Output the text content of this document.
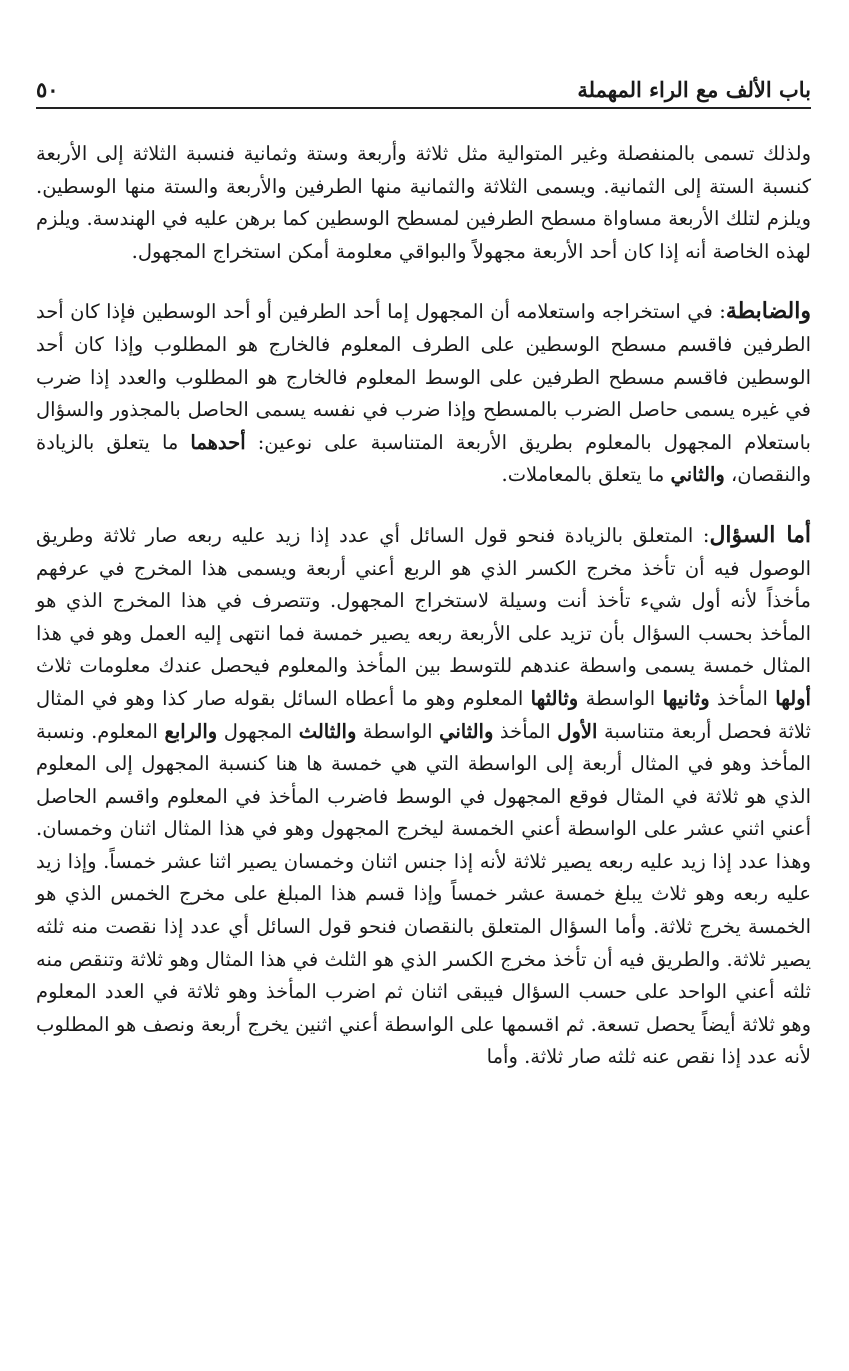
باب الألف مع الراء المهملة
٥٠

ولذلك تسمى بالمنفصلة وغير المتوالية مثل ثلاثة وأربعة وستة وثمانية فنسبة الثلاثة إلى الأربعة كنسبة الستة إلى الثمانية. ويسمى الثلاثة والثمانية منها الطرفين والأربعة والستة منها الوسطين. ويلزم لتلك الأربعة مساواة مسطح الطرفين لمسطح الوسطين كما برهن عليه في الهندسة. ويلزم لهذه الخاصة أنه إذا كان أحد الأربعة مجهولاً والبواقي معلومة أمكن استخراج المجهول.

والضابطة: في استخراجه واستعلامه أن المجهول إما أحد الطرفين أو أحد الوسطين فإذا كان أحد الطرفين فاقسم مسطح الوسطين على الطرف المعلوم فالخارج هو المطلوب وإذا كان أحد الوسطين فاقسم مسطح الطرفين على الوسط المعلوم فالخارج هو المطلوب والعدد إذا ضرب في غيره يسمى حاصل الضرب بالمسطح وإذا ضرب في نفسه يسمى الحاصل بالمجذور والسؤال باستعلام المجهول بالمعلوم بطريق الأربعة المتناسبة على نوعين: أحدهما ما يتعلق بالزيادة والنقصان، والثاني ما يتعلق بالمعاملات.

أما السؤال: المتعلق بالزيادة فنحو قول السائل أي عدد إذا زيد عليه ربعه صار ثلاثة وطريق الوصول فيه أن تأخذ مخرج الكسر الذي هو الربع أعني أربعة ويسمى هذا المخرج في عرفهم مأخذاً لأنه أول شيء تأخذ أنت وسيلة لاستخراج المجهول. وتتصرف في هذا المخرج الذي هو المأخذ بحسب السؤال بأن تزيد على الأربعة ربعه يصير خمسة فما انتهى إليه العمل وهو في هذا المثال خمسة يسمى واسطة عندهم للتوسط بين المأخذ والمعلوم فيحصل عندك معلومات ثلاث أولها المأخذ وثانيها الواسطة وثالثها المعلوم وهو ما أعطاه السائل بقوله صار كذا وهو في المثال ثلاثة فحصل أربعة متناسبة الأول المأخذ والثاني الواسطة والثالث المجهول والرابع المعلوم. ونسبة المأخذ وهو في المثال أربعة إلى الواسطة التي هي خمسة ها هنا كنسبة المجهول إلى المعلوم الذي هو ثلاثة في المثال فوقع المجهول في الوسط فاضرب المأخذ في المعلوم واقسم الحاصل أعني اثني عشر على الواسطة أعني الخمسة ليخرج المجهول وهو في هذا المثال اثنان وخمسان. وهذا عدد إذا زيد عليه ربعه يصير ثلاثة لأنه إذا جنس اثنان وخمسان يصير اثنا عشر خمساً. وإذا زيد عليه ربعه وهو ثلاث يبلغ خمسة عشر خمساً وإذا قسم هذا المبلغ على مخرج الخمس الذي هو الخمسة يخرج ثلاثة. وأما السؤال المتعلق بالنقصان فنحو قول السائل أي عدد إذا نقصت منه ثلثه يصير ثلاثة. والطريق فيه أن تأخذ مخرج الكسر الذي هو الثلث في هذا المثال وهو ثلاثة وتنقص منه ثلثه أعني الواحد على حسب السؤال فيبقى اثنان ثم اضرب المأخذ وهو ثلاثة في العدد المعلوم وهو ثلاثة أيضاً يحصل تسعة. ثم اقسمها على الواسطة أعني اثنين يخرج أربعة ونصف هو المطلوب لأنه عدد إذا نقص عنه ثلثه صار ثلاثة. وأما
